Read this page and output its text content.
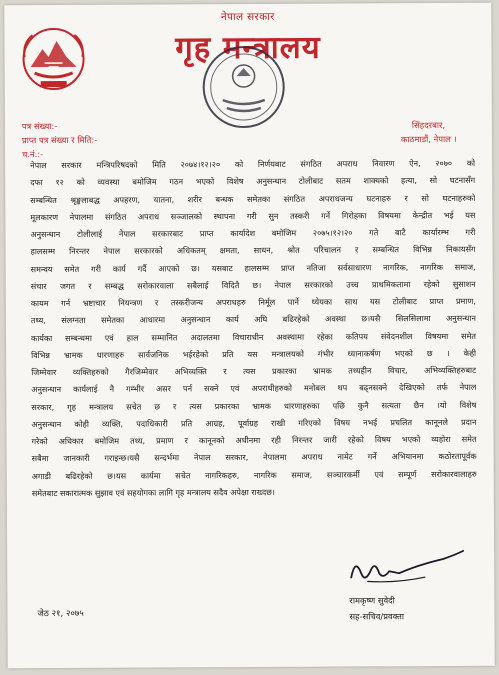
नेपाल सरकार
गृह मन्त्रालय
पत्र संख्या:-
प्राप्त पत्र संख्या र मिति:-
च.नं.:-
सिंहदरबार,
काठमाडौं, नेपाल ।
नेपाल सरकार मन्त्रिपरिषदको मिति २०७४।१२।२० को निर्णयबाट संगठित अपराध निवारण ऐन, २०७० को
दफा १२ को व्यवस्था बमोजिम गठन भएको विशेष अनुसन्धान टोलीबाट सतम शाक्यको हत्या, सो घटनासँग
सम्बन्धित श्रृङ्खलाबद्ध अपहरण, यातना, शरीर बन्धक समेतका संगठित अपराधजन्य घटनाहरु र सो घटनाहरुको
मूलकारण नेपालमा संगठित अपराध सञ्जालको स्थापना गरी सुन तस्करी गर्ने गिरोहका विषयमा केन्द्रीत भई यस
अनुसन्धान टोलीलाई नेपाल सरकारबाट प्राप्त कार्यादेश बमोजिम २०७५।१२।२० गते बाटै कार्यारम्भ गरी
हालसम्म निरन्तर नेपाल सरकारको अधिकतम् क्षमता, साधन, श्रोत परिचालन र सम्बन्धित विभिन्न निकायसँग
समन्वय समेत गरी कार्य गर्दै आएको छ। यसबाट हालसम्म प्राप्त नतिजा सर्वसाधारण नागरिक, नागरिक समाज,
संचार जगत र सम्बद्ध सरोकारवाला सबैलाई विदितै छ। नेपाल सरकारको उच्च प्राथमिकतामा रहेको सुसाशन
कायम गर्न भ्रष्टाचार नियन्त्रण र तस्करीजन्य अपराधहरु निर्मूल पार्ने ध्येयका साथ यस टोलीबाट प्राप्त प्रमाण,
तथ्य, संलग्नता समेतका आधारमा अनुसन्धान कार्य अघि बढिरहेको अवस्था छ।यसै सिलसिलामा अनुसन्धान
कार्यका सम्बन्धमा एवं हाल सम्मानित अदालतमा विचाराधीन अवस्थामा रहेका कतिपय संवेदनशील विषयमा समेत
विभिन्न भ्रामक धारणाहरु सार्वजनिक भईरहेको प्रति यस मन्त्रालयको गंभीर ध्यानाकर्षण भएको छ । केही
जिम्मेवार व्यक्तिहरुको गैरजिम्मेवार अभिव्यक्ति र त्यस प्रकारका भ्रामक तथ्यहीन विचार, अभिव्यक्तिहरुबाट
अनुसन्धान कार्यलाई नै गम्भीर असर पर्न सक्ने एवं अपराधीहरुको मनोबल थप बढ्नसक्ने देखिएको तर्फ नेपाल
सरकार, गृह मन्त्रालय सचेत छ र त्यस प्रकारका भ्रामक धारणाहरुका पछि कुनै सत्यता छैन ।यो विशेष
अनुसन्धान कोही व्यक्ति, पदाधिकारी प्रति आग्रह, पूर्वाग्रह राखी गरिएको विषय नभई प्रचलित कानूनले प्रदान
गरेको अधिकार बमोजिम तथ्य, प्रमाण र कानूनको अधीनमा रही निरन्तर जारी रहेको विषय भएको व्यहोरा समेत
सबैमा जानकारी गराइन्छ।यसै सन्दर्भमा नेपाल सरकार, नेपालमा अपराध नामेट गर्ने अभियानमा कठोरतापूर्वक
अगाडी बढिरहेको छ।यस कार्यमा सचेत नागरिकहरु, नागरिक समाज, सञ्चारकर्मी एवं सम्पूर्ण सरोकारवालाहरु
समेतबाट सकारात्मक सुझाव एवं सहयोगका लागि गृह मन्त्रालय सदैव अपेक्षा राख्दछ।
रामकृष्ण सुवेदी
सह-सचिव/प्रवक्ता
जेठ २१, २०७५
